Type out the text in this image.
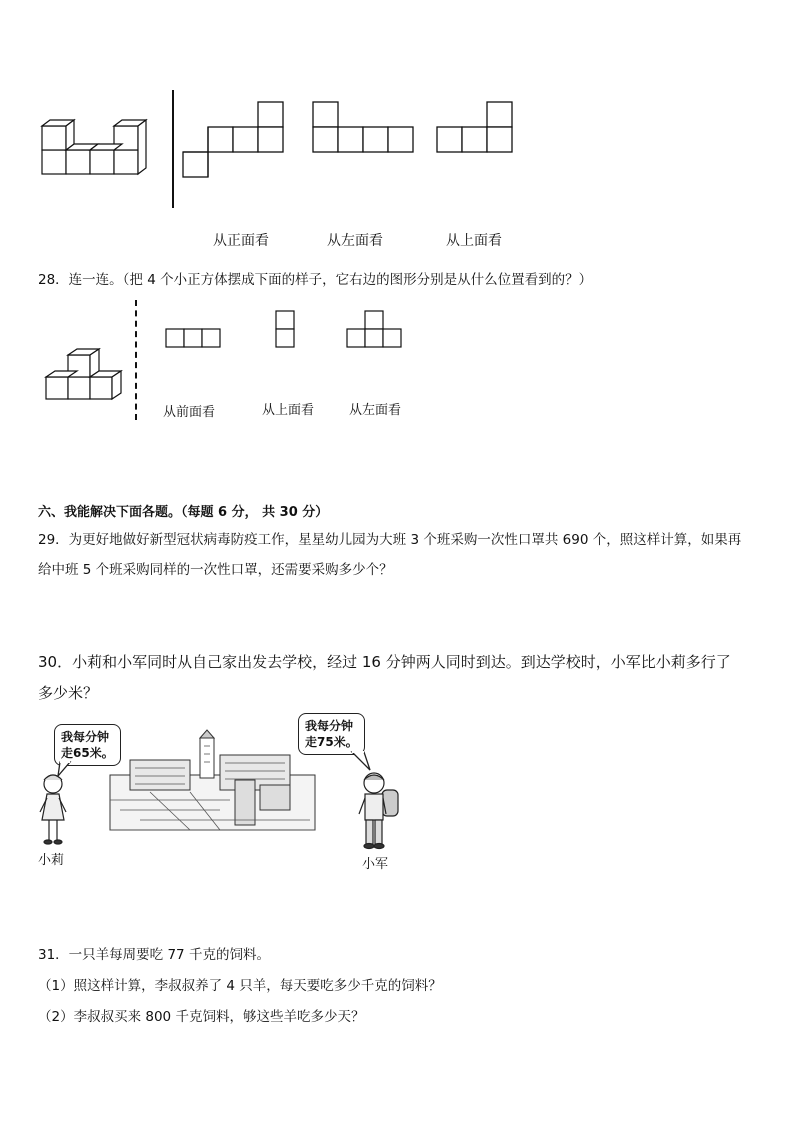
从正面看	从左面看	从上面看
28．连一连。（把 4 个小正方体摆成下面的样子，它右边的图形分别是从什么位置看到的？）
从前面看	从上面看	从左面看
六、我能解决下面各题。（每题 6 分， 共 30 分）
29．为更好地做好新型冠状病毒防疫工作，星星幼儿园为大班 3 个班采购一次性口罩共 690 个，照这样计算，如果再
给中班 5 个班采购同样的一次性口罩，还需要采购多少个？
30．小莉和小军同时从自己家出发去学校，经过 16 分钟两人同时到达。到达学校时，小军比小莉多行了
多少米？
我每分钟
走65米。
我每分钟
走75米。
小莉	小军
31．一只羊每周要吃 77 千克的饲料。
（1）照这样计算，李叔叔养了 4 只羊，每天要吃多少千克的饲料？
（2）李叔叔买来 800 千克饲料，够这些羊吃多少天？
